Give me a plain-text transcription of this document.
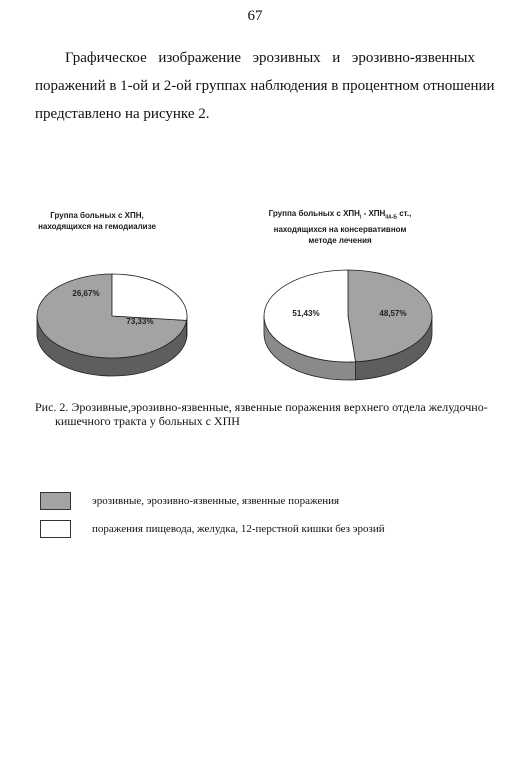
67
Графическое изображение эрозивных и эрозивно-язвенных
поражений в 1-ой и 2-ой группах наблюдения в процентном отношении
представлено на рисунке 2.
Группа больных с ХПН,
находящихся на гемодиализе
Группа больных с $ХПН_I - ХПН_{IIA-Б}$ ст.,
находящихся на консервативном
методе лечения
73,33%
26,67%
48,57%
51,43%
Рис. 2. Эрозивные,эрозивно-язвенные, язвенные поражения верхнего отдела желудочно-
кишечного тракта у больных с ХПН
эрозивные, эрозивно-язвенные, язвенные поражения
поражения пищевода, желудка, 12-перстной кишки без эрозий
